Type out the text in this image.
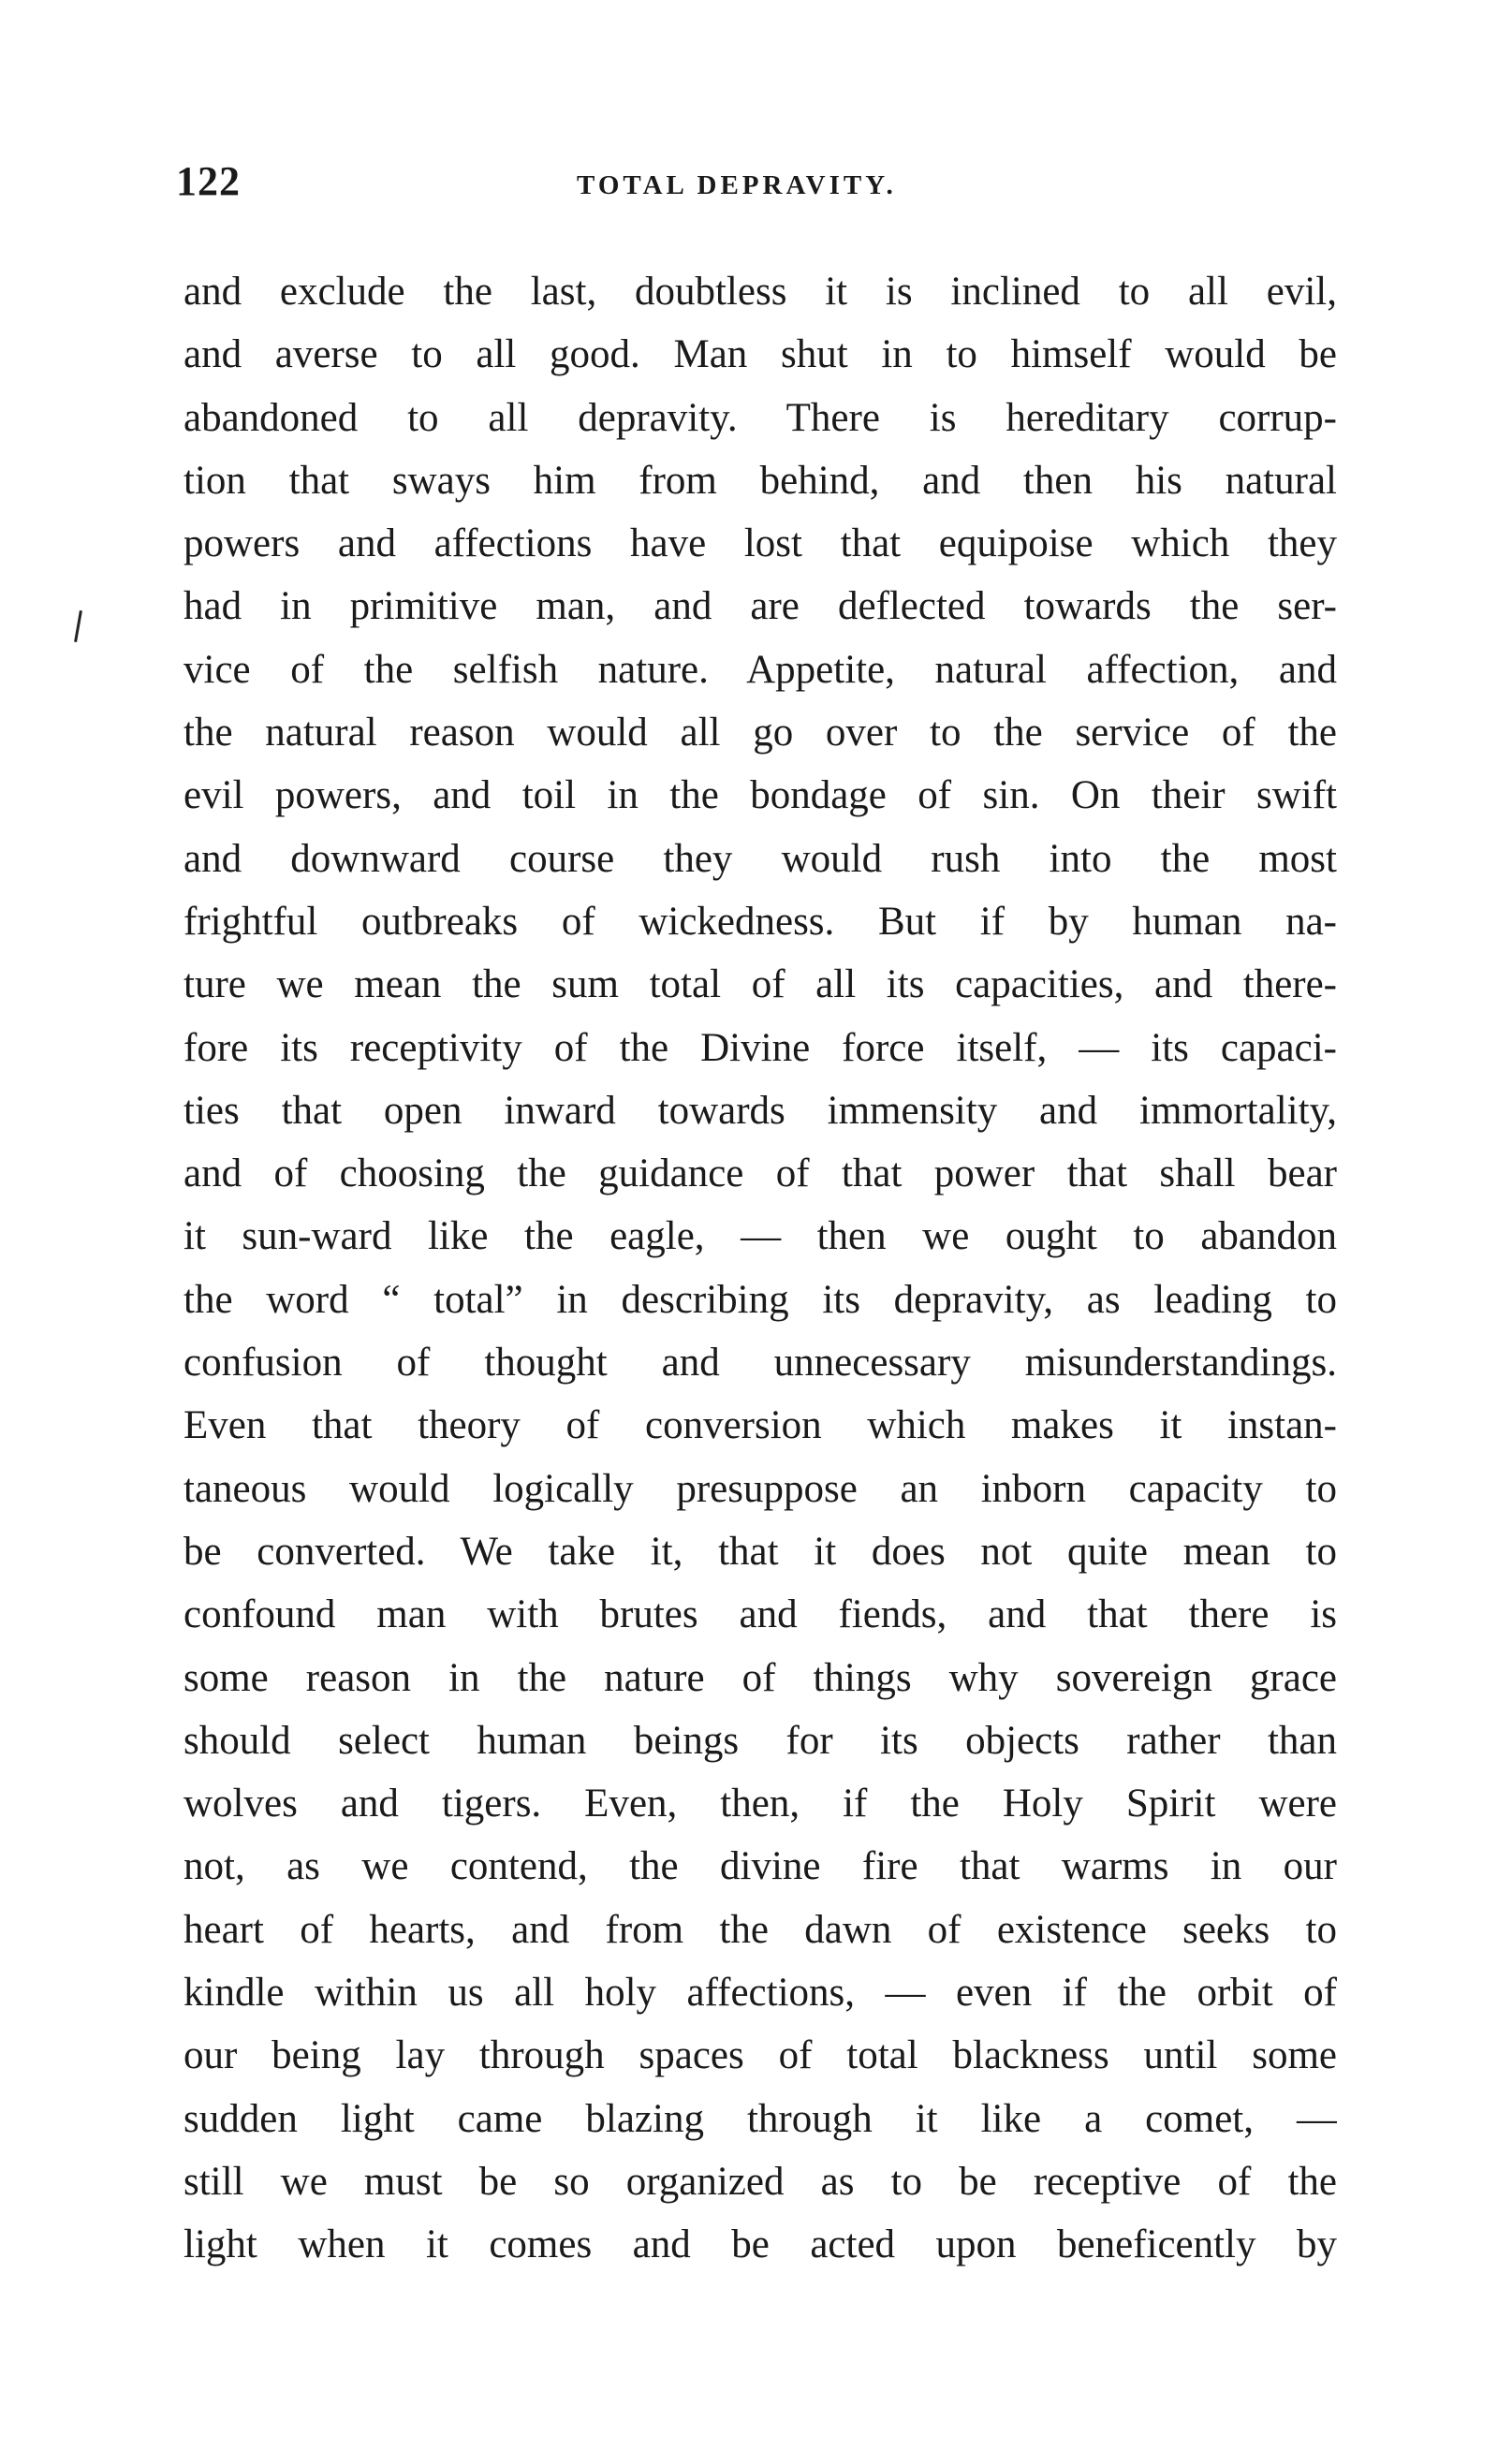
122	TOTAL DEPRAVITY.
and exclude the last, doubtless it is inclined to all evil,
and averse to all good. Man shut in to himself would be
abandoned to all depravity. There is hereditary corrup-
tion that sways him from behind, and then his natural
powers and affections have lost that equipoise which they
had in primitive man, and are deflected towards the ser-
vice of the selfish nature. Appetite, natural affection, and
the natural reason would all go over to the service of the
evil powers, and toil in the bondage of sin. On their swift
and downward course they would rush into the most
frightful outbreaks of wickedness. But if by human na-
ture we mean the sum total of all its capacities, and there-
fore its receptivity of the Divine force itself, — its capaci-
ties that open inward towards immensity and immortality,
and of choosing the guidance of that power that shall bear
it sun-ward like the eagle, — then we ought to abandon
the word “ total” in describing its depravity, as leading to
confusion of thought and unnecessary misunderstandings.
Even that theory of conversion which makes it instan-
taneous would logically presuppose an inborn capacity to
be converted. We take it, that it does not quite mean to
confound man with brutes and fiends, and that there is
some reason in the nature of things why sovereign grace
should select human beings for its objects rather than
wolves and tigers. Even, then, if the Holy Spirit were
not, as we contend, the divine fire that warms in our
heart of hearts, and from the dawn of existence seeks to
kindle within us all holy affections, — even if the orbit of
our being lay through spaces of total blackness until some
sudden light came blazing through it like a comet, —
still we must be so organized as to be receptive of the
light when it comes and be acted upon beneficently by
